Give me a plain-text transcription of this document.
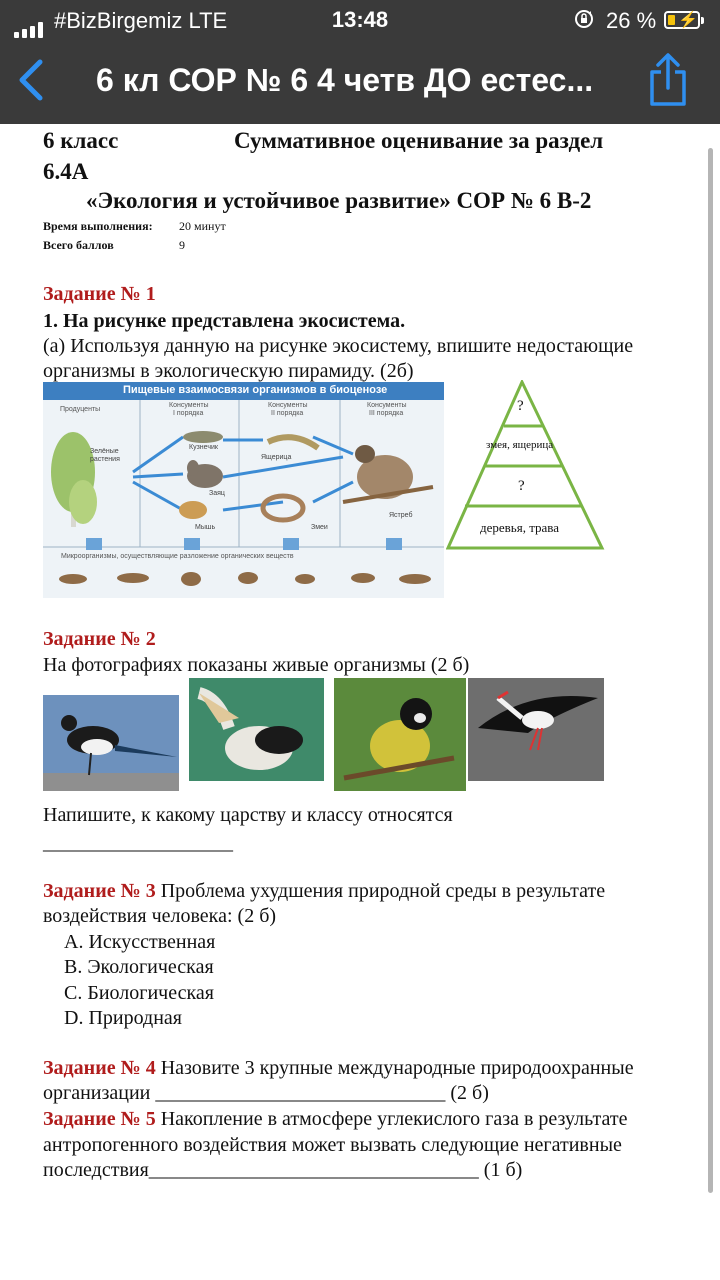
#BizBirgemiz LTE	13:48	26 % ⚡
6 кл СОР № 6 4 четв ДО естес...
6 класс	Суммативное оценивание за раздел
6.4А
«Экология и устойчивое развитие» СОР № 6 В-2
Время выполнения: 20 минут
Всего баллов	9
Задание № 1
1. На рисунке представлена экосистема.
(а) Используя данную на рисунке экосистему, впишите недостающие
организмы в экологическую пирамиду. (2б)
Пищевые взаимосвязи организмов в биоценозе
Продуценты
Консументы
I порядка
Консументы
II порядка
Консументы
III порядка
Зелёные
растения
Кузнечик
Заяц
Мышь
Ящерица
Змеи
Ястреб
Микроорганизмы, осуществляющие разложение органических веществ
?
змея, ящерица
?
деревья, трава
Задание № 2
На фотографиях показаны живые организмы (2 б)
Напишите, к какому царству и классу относятся
___________________
Задание № 3 Проблема ухудшения природной среды в результате
воздействия человека: (2 б)
A. Искусственная
B. Экологическая
C. Биологическая
D. Природная
Задание № 4 Назовите 3 крупные международные природоохранные
организации _____________________________ (2 б)
Задание № 5 Накопление в атмосфере углекислого газа в результате
антропогенного воздействия может вызвать следующие негативные
последствия_________________________________ (1 б)
